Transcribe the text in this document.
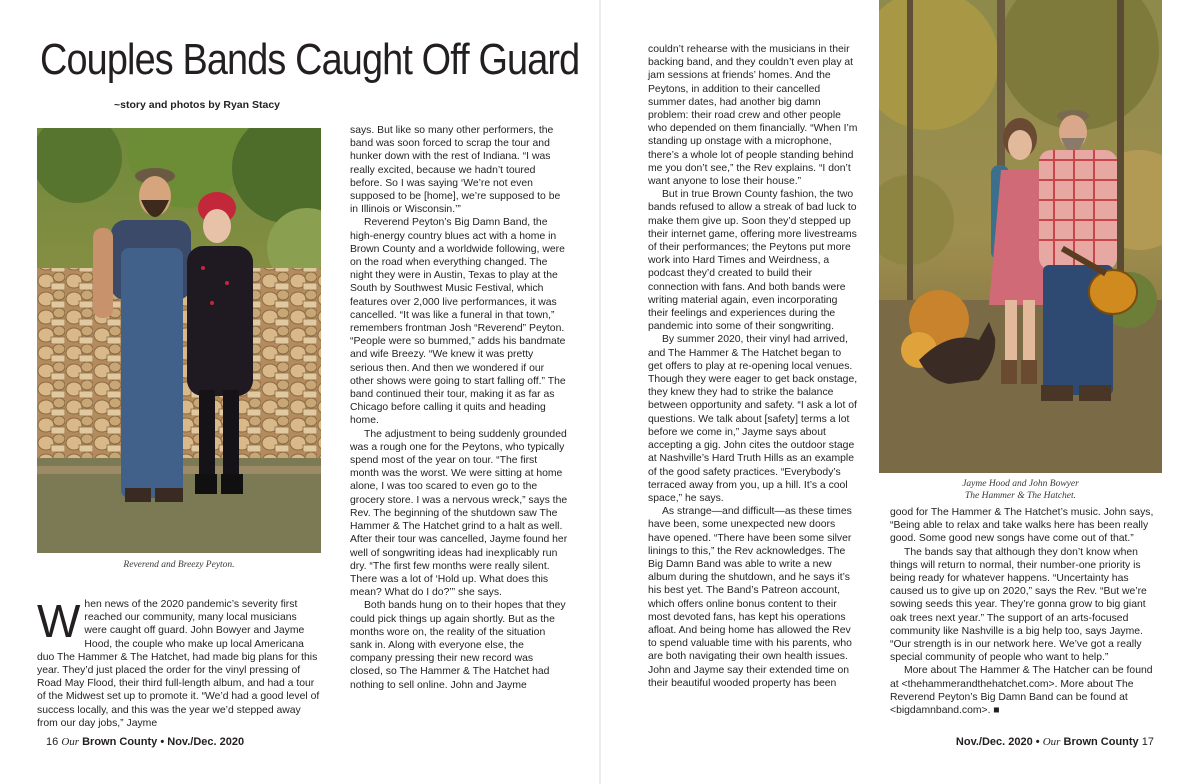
Couples Bands Caught Off Guard
~story and photos by Ryan Stacy
Reverend and Breezy Peyton.

When news of the 2020 pandemic’s severity first reached our community, many local musicians were caught off guard. John Bowyer and Jayme Hood, the couple who make up local Americana duo The Hammer & The Hatchet, had made big plans for this year. They’d just placed the order for the vinyl pressing of Road May Flood, their third full-length album, and had a tour of the Midwest set up to promote it. “We’d had a good level of success locally, and this was the year we’d stepped away from our day jobs,” Jayme

says. But like so many other performers, the band was soon forced to scrap the tour and hunker down with the rest of Indiana. “I was really excited, because we hadn’t toured before. So I was saying ‘We’re not even supposed to be [home], we’re supposed to be in Illinois or Wisconsin.’”

Reverend Peyton’s Big Damn Band, the high-energy country blues act with a home in Brown County and a worldwide following, were on the road when everything changed. The night they were in Austin, Texas to play at the South by Southwest Music Festival, which features over 2,000 live performances, it was cancelled. “It was like a funeral in that town,” remembers frontman Josh “Reverend” Peyton. “People were so bummed,” adds his bandmate and wife Breezy. “We knew it was pretty serious then. And then we wondered if our other shows were going to start falling off.” The band continued their tour, making it as far as Chicago before calling it quits and heading home.

The adjustment to being suddenly grounded was a rough one for the Peytons, who typically spend most of the year on tour. “The first month was the worst. We were sitting at home alone, I was too scared to even go to the grocery store. I was a nervous wreck,” says the Rev. The beginning of the shutdown saw The Hammer & The Hatchet grind to a halt as well. After their tour was cancelled, Jayme found her well of songwriting ideas had inexplicably run dry. “The first few months were really silent. There was a lot of ‘Hold up. What does this mean? What do I do?’” she says.

Both bands hung on to their hopes that they could pick things up again shortly. But as the months wore on, the reality of the situation sank in. Along with everyone else, the company pressing their new record was closed, so The Hammer & The Hatchet had nothing to sell online. John and Jayme

couldn’t rehearse with the musicians in their backing band, and they couldn’t even play at jam sessions at friends’ homes. And the Peytons, in addition to their cancelled summer dates, had another big damn problem: their road crew and other people who depended on them financially. “When I’m standing up onstage with a microphone, there’s a whole lot of people standing behind me you don’t see,” the Rev explains. “I don’t want anyone to lose their house.”

But in true Brown County fashion, the two bands refused to allow a streak of bad luck to make them give up. Soon they’d stepped up their internet game, offering more livestreams of their performances; the Peytons put more work into Hard Times and Weirdness, a podcast they’d created to build their connection with fans. And both bands were writing material again, even incorporating their feelings and experiences during the pandemic into some of their songwriting.

By summer 2020, their vinyl had arrived, and The Hammer & The Hatchet began to get offers to play at re-opening local venues. Though they were eager to get back onstage, they knew they had to strike the balance between opportunity and safety. “I ask a lot of questions. We talk about [safety] terms a lot before we come in,” Jayme says about accepting a gig. John cites the outdoor stage at Nashville’s Hard Truth Hills as an example of the good safety practices. “Everybody’s terraced away from you, up a hill. It’s a cool space,” he says.

As strange—and difficult—as these times have been, some unexpected new doors have opened. “There have been some silver linings to this,” the Rev acknowledges. The Big Damn Band was able to write a new album during the shutdown, and he says it’s his best yet. The Band’s Patreon account, which offers online bonus content to their most devoted fans, has kept his operations afloat. And being home has allowed the Rev to spend valuable time with his parents, who are both navigating their own health issues. John and Jayme say their extended time on their beautiful wooded property has been

Jayme Hood and John Bowyer
The Hammer & The Hatchet.

good for The Hammer & The Hatchet’s music. John says, “Being able to relax and take walks here has been really good. Some good new songs have come out of that.”

The bands say that although they don’t know when things will return to normal, their number-one priority is being ready for whatever happens. “Uncertainty has caused us to give up on 2020,” says the Rev. “But we’re sowing seeds this year. They’re gonna grow to big giant oak trees next year.” The support of an arts-focused community like Nashville is a big help too, says Jayme. “Our strength is in our network here. We’ve got a really special community of people who want to help.”

More about The Hammer & The Hatcher can be found at <thehammerandthehatchet.com>. More about The Reverend Peyton’s Big Damn Band can be found at <bigdamnband.com>. ■

16 Our Brown County • Nov./Dec. 2020	Nov./Dec. 2020 • Our Brown County 17
